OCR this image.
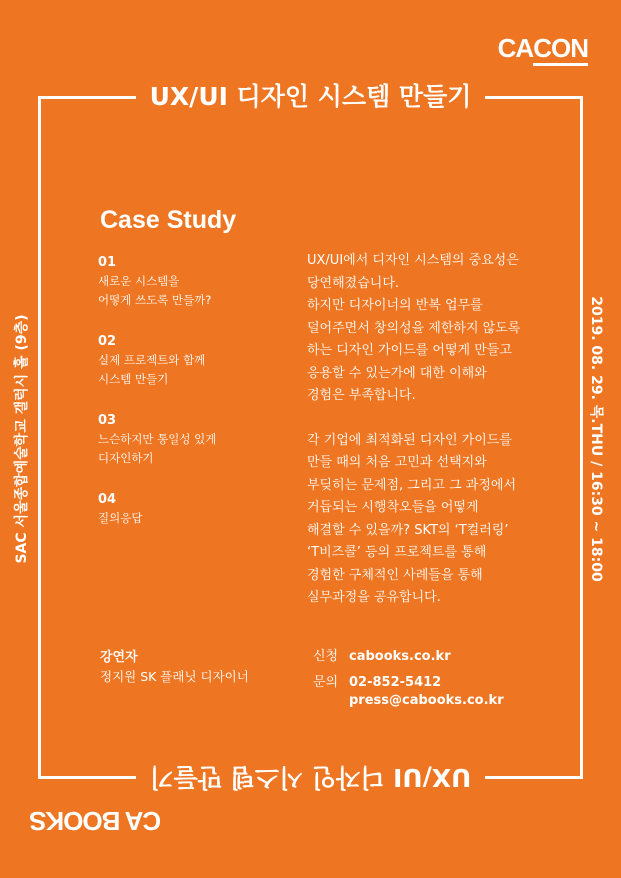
CACON
CA BOOKS
UX/UI 디자인 시스템 만들기
UX/UI 디자인 시스템 만들기
SAC 서울종합예술학교 갤럭시 홀 (9층)	2019. 08. 29. 목.THU / 16:30 ~ 18:00
Case Study
01
새로운 시스템을
어떻게 쓰도록 만들까?
02
실제 프로젝트와 함께
시스템 만들기
03
느슨하지만 통일성 있게
디자인하기
04
질의응답
UX/UI에서 디자인 시스템의 중요성은
당연해졌습니다.
하지만 디자이너의 반복 업무를
덜어주면서 창의성을 제한하지 않도록
하는 디자인 가이드를 어떻게 만들고
응용할 수 있는가에 대한 이해와
경험은 부족합니다.
각 기업에 최적화된 디자인 가이드를
만들 때의 처음 고민과 선택지와
부딪히는 문제점, 그리고 그 과정에서
거듭되는 시행착오들을 어떻게
해결할 수 있을까? SKT의 ‘T컬러링’
‘T비즈콜’ 등의 프로젝트를 통해
경험한 구체적인 사례들을 통해
실무과정을 공유합니다.
강연자
정지원 SK 플래닛 디자이너
신청 cabooks.co.kr
문의 02-852-5412
press@cabooks.co.kr
